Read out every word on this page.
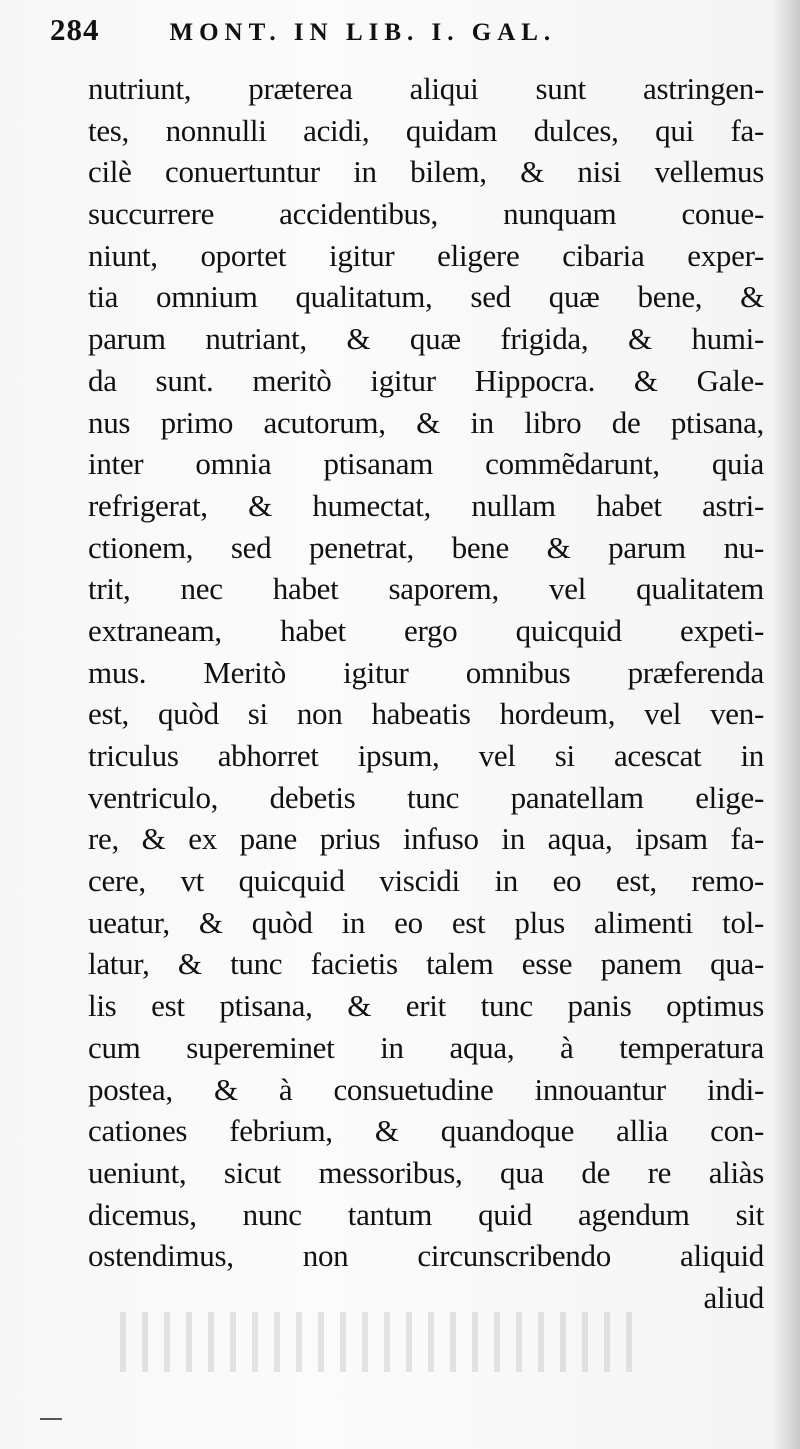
284	MONT. IN LIB. I. GAL.
nutriunt, præterea aliqui sunt astringen-
tes, nonnulli acidi, quidam dulces, qui fa-
cilè conuertuntur in bilem, & nisi vellemus
succurrere accidentibus, nunquam conue-
niunt, oportet igitur eligere cibaria exper-
tia omnium qualitatum, sed quæ bene, &
parum nutriant, & quæ frigida, & humi-
da sunt. meritò igitur Hippocra. & Gale-
nus primo acutorum, & in libro de ptisana,
inter omnia ptisanam commẽdarunt, quia
refrigerat, & humectat, nullam habet astri-
ctionem, sed penetrat, bene & parum nu-
trit, nec habet saporem, vel qualitatem
extraneam, habet ergo quicquid expeti-
mus. Meritò igitur omnibus præferenda
est, quòd si non habeatis hordeum, vel ven-
triculus abhorret ipsum, vel si acescat in
ventriculo, debetis tunc panatellam elige-
re, & ex pane prius infuso in aqua, ipsam fa-
cere, vt quicquid viscidi in eo est, remo-
ueatur, & quòd in eo est plus alimenti tol-
latur, & tunc facietis talem esse panem qua-
lis est ptisana, & erit tunc panis optimus
cum supereminet in aqua, à temperatura
postea, & à consuetudine innouantur indi-
cationes febrium, & quandoque allia con-
ueniunt, sicut messoribus, qua de re aliàs
dicemus, nunc tantum quid agendum sit
ostendimus, non circunscribendo aliquid
aliud
